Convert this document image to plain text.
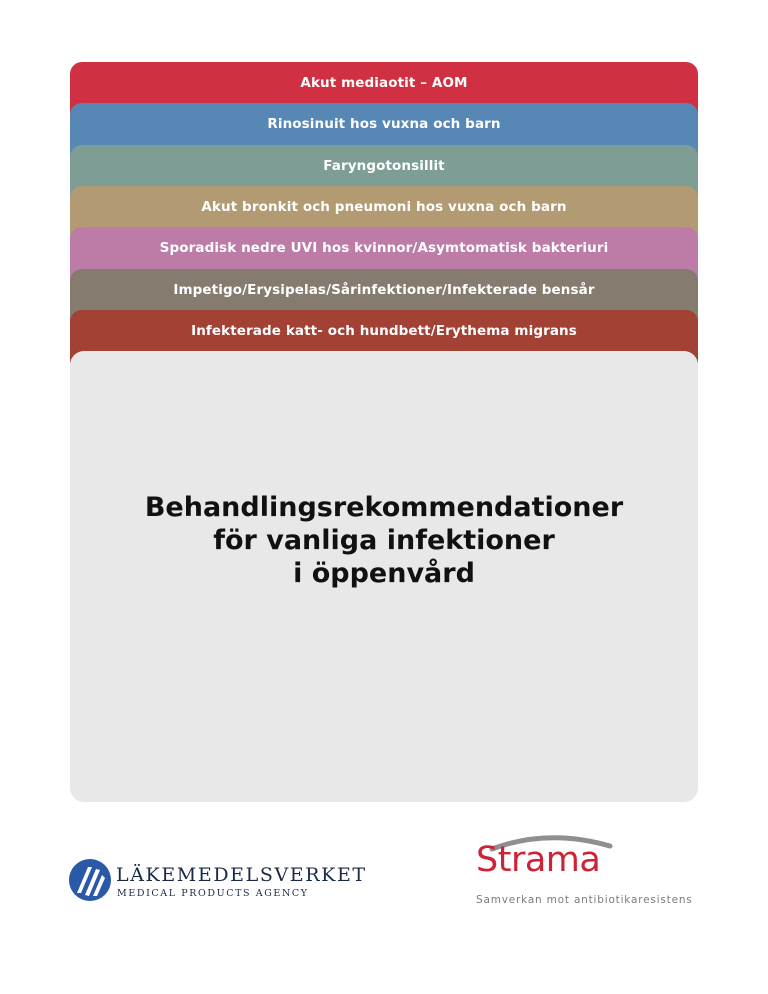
Akut mediaotit – AOM
Rinosinuit hos vuxna och barn
Faryngotonsillit
Akut bronkit och pneumoni hos vuxna och barn
Sporadisk nedre UVI hos kvinnor/Asymtomatisk bakteriuri
Impetigo/Erysipelas/Sårinfektioner/Infekterade bensår
Infekterade katt- och hundbett/Erythema migrans
Behandlingsrekommendationer
för vanliga infektioner
i öppenvård
LÄKEMEDELSVERKET
MEDICAL PRODUCTS AGENCY
Strama
Samverkan mot antibiotikaresistens
